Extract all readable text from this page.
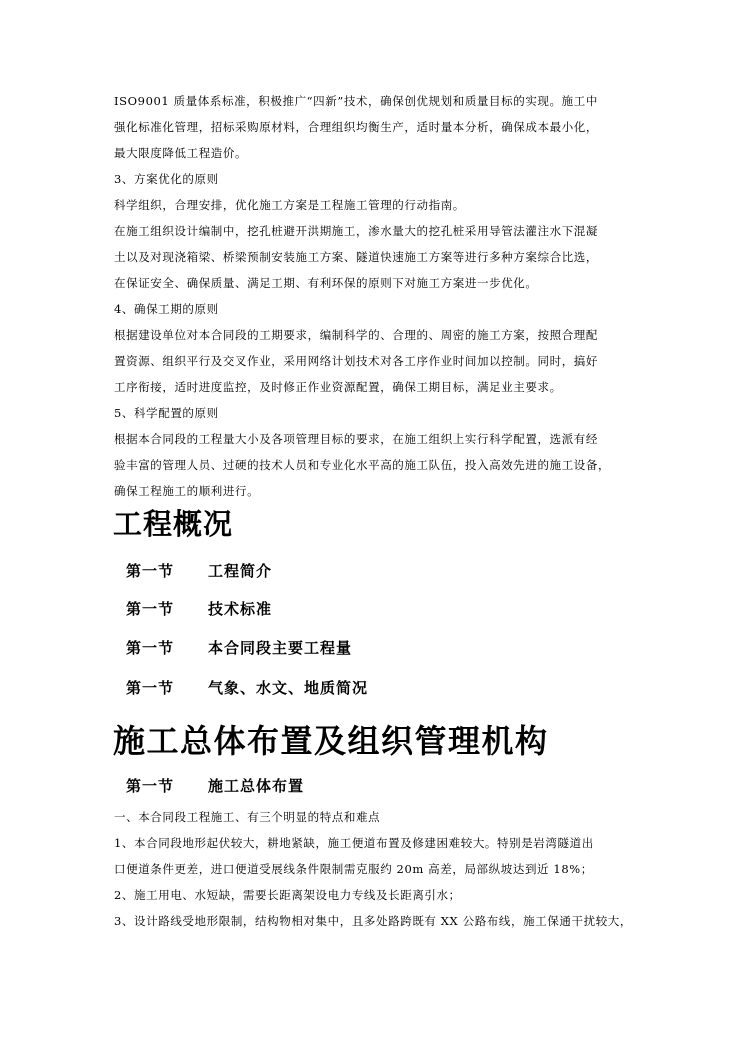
ISO9001 质量体系标准，积极推广“四新”技术，确保创优规划和质量目标的实现。施工中
强化标准化管理，招标采购原材料，合理组织均衡生产，适时量本分析，确保成本最小化，
最大限度降低工程造价。
3、方案优化的原则
科学组织，合理安排，优化施工方案是工程施工管理的行动指南。
在施工组织设计编制中，挖孔桩避开洪期施工，渗水量大的挖孔桩采用导管法灌注水下混凝
土以及对现浇箱梁、桥梁预制安装施工方案、隧道快速施工方案等进行多种方案综合比选，
在保证安全、确保质量、满足工期、有利环保的原则下对施工方案进一步优化。
4、确保工期的原则
根据建设单位对本合同段的工期要求，编制科学的、合理的、周密的施工方案，按照合理配
置资源、组织平行及交叉作业，采用网络计划技术对各工序作业时间加以控制。同时，搞好
工序衔接，适时进度监控，及时修正作业资源配置，确保工期目标，满足业主要求。
5、科学配置的原则
根据本合同段的工程量大小及各项管理目标的要求，在施工组织上实行科学配置，选派有经
验丰富的管理人员、过硬的技术人员和专业化水平高的施工队伍，投入高效先进的施工设备，
确保工程施工的顺利进行。
工程概况
第一节 工程简介
第一节 技术标准
第一节 本合同段主要工程量
第一节 气象、水文、地质简况
施工总体布置及组织管理机构
第一节 施工总体布置
一、本合同段工程施工、有三个明显的特点和难点
1、本合同段地形起伏较大，耕地紧缺，施工便道布置及修建困难较大。特别是岩湾隧道出
口便道条件更差，进口便道受展线条件限制需克服约 20m 高差，局部纵坡达到近 18%；
2、施工用电、水短缺，需要长距离架设电力专线及长距离引水；
3、设计路线受地形限制，结构物相对集中，且多处路跨既有 XX 公路布线，施工保通干扰较大，
